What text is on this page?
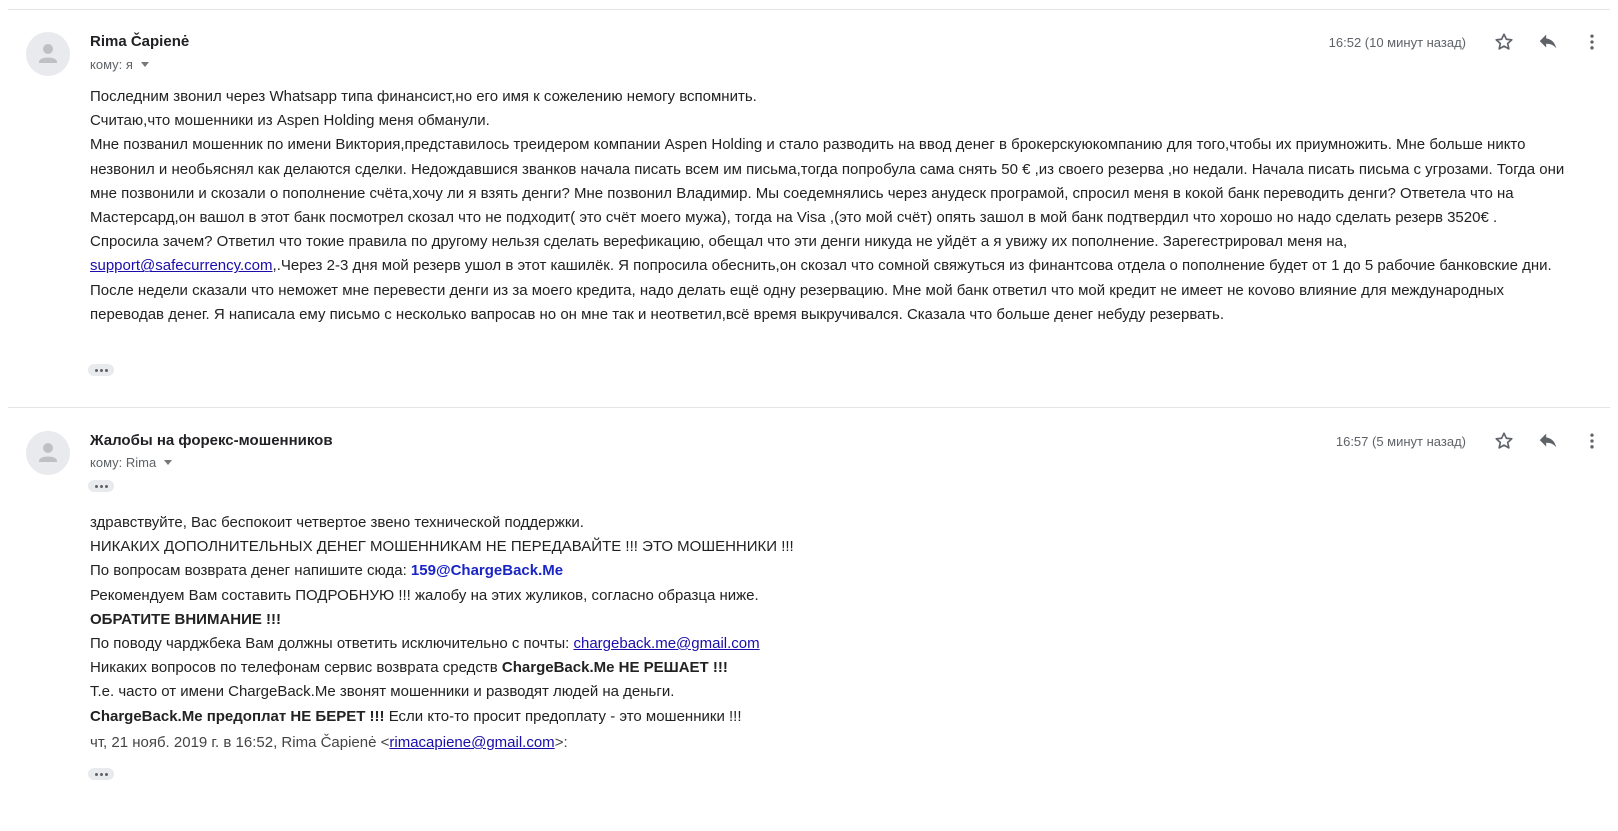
Rima Čapienė
кому: я
16:52 (10 минут назад)

Последним звонил через Whatsapp типа финансист,но его имя к сожелению немогу вспомнить.

Считаю,что мошенники из Aspen Holding меня обманули.

Мне позванил мошенник по имени Виктория,представилось треидером компании Aspen Holding и стало разводить на ввод денег в брокерскуюкомпанию для того,чтобы их приумножить. Мне больше никто незвонил и необьяснял как делаются сделки. Недождавшися званков начала писать всем им письма,тогда попробула сама снять 50 € ,из своего резерва ,но недали. Начала писать письма с угрозами. Тогда они мне позвонили и скозали о пополнение счёта,хочу ли я взять денги? Мне позвонил Владимир. Мы соедемнялись через анудеск програмой, спросил меня в кокой банк переводить денги? Ответела что на Мастерсард,он вашол в этот банк посмотрел скозал что не подходит( это счёт моего мужа), тогда на Visa ,(это мой счёт) опять зашол в мой банк подтвердил что хорошо но надо сделать резерв 3520€ . Спросила зачем? Ответил что токие правила по другому нельзя сделать верефикацию, обещал что эти денги никуда не уйдёт а я увижу их пополнение. Зарегестрировал меня на, support@safecurrency.com,.Через 2-3 дня мой резерв ушол в этот кашилёк. Я попросила обеснить,он скозал что сомной свяжуться из финантсова отдела о пополнение будет от 1 до 5 рабочие банковские дни. После недели сказали что неможет мне перевести денги из за моего кредита, надо делать ещё одну резервацию. Мне мой банк ответил что мой кредит не имеет не коvово влияние для международных переводав денег. Я написала ему письмо с несколько вапросав но он мне так и неответил,всё время выкручивался. Сказала что больше денег небуду резервать.

Жалобы на форекс-мошенников
кому: Rima
16:57 (5 минут назад)

здравствуйте, Вас беспокоит четвертое звено технической поддержки.

НИКАКИХ ДОПОЛНИТЕЛЬНЫХ ДЕНЕГ МОШЕННИКАМ НЕ ПЕРЕДАВАЙТЕ !!! ЭТО МОШЕННИКИ !!!

По вопросам возврата денег напишите сюда: 159@ChargeBack.Me

Рекомендуем Вам составить ПОДРОБНУЮ !!! жалобу на этих жуликов, согласно образца ниже.

ОБРАТИТЕ ВНИМАНИЕ !!!

По поводу чарджбека Вам должны ответить исключительно с почты: chargeback.me@gmail.com

Никаких вопросов по телефонам сервис возврата средств ChargeBack.Me НЕ РЕШАЕТ !!!

Т.е. часто от имени ChargeBack.Me звонят мошенники и разводят людей на деньги.

ChargeBack.Me предоплат НЕ БЕРЕТ !!! Если кто-то просит предоплату - это мошенники !!!

чт, 21 нояб. 2019 г. в 16:52, Rima Čapienė <rimacapiene@gmail.com>:
